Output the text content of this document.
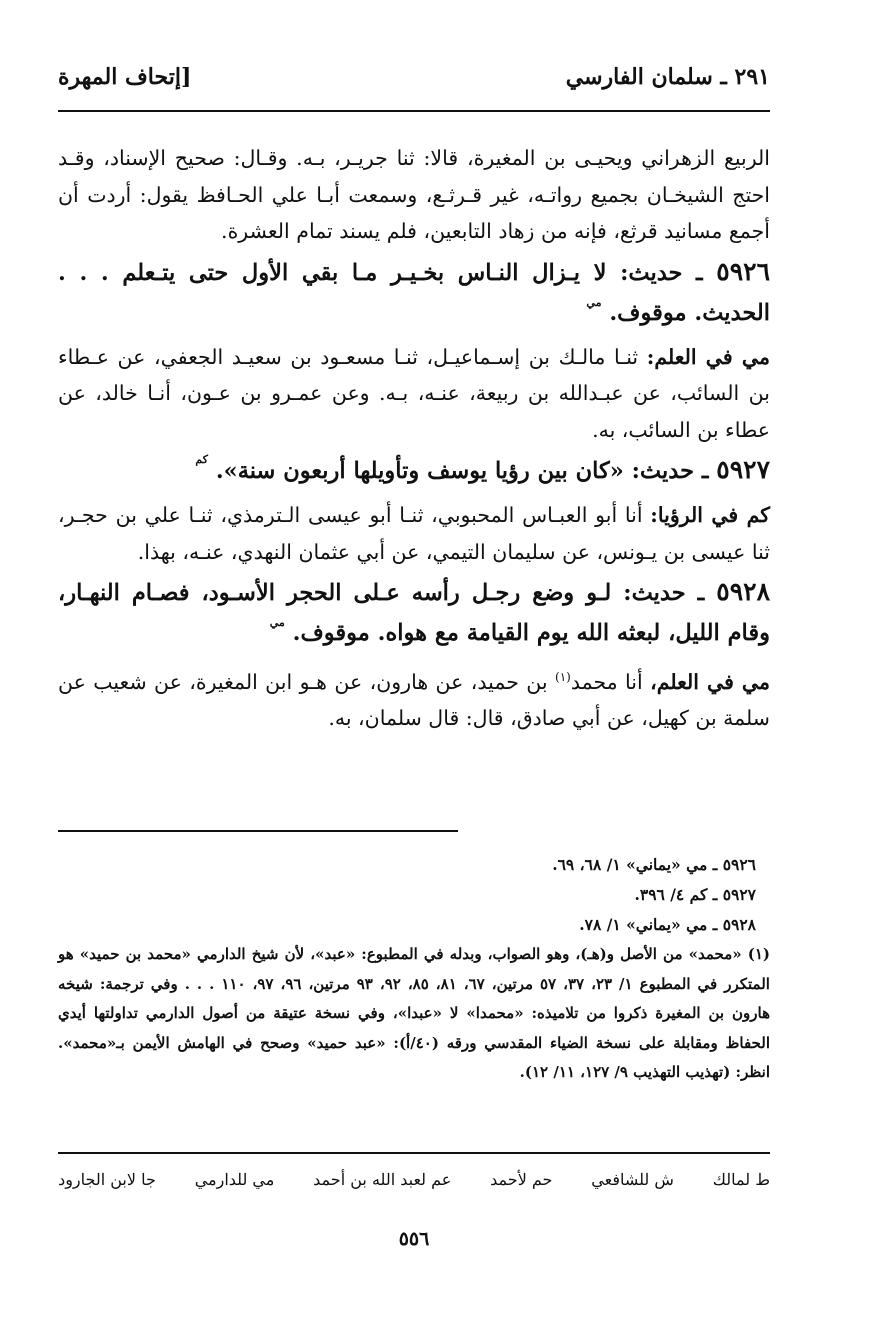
٢٩١ ـ سلمان الفارسي
[إتحاف المهرة

الربيع الزهراني ويحيـى بن المغيرة، قالا: ثنا جريـر، بـه. وقـال: صحيح الإسناد، وقـد احتج الشيخـان بجميع رواتـه، غير قـرثـع، وسمعت أبـا علي الحـافظ يقول: أردت أن أجمع مسانيد قرثع، فإنه من زهاد التابعين، فلم يسند تمام العشرة.

٥٩٢٦ ـ حديث: لا يـزال النـاس بخـيـر مـا بقي الأول حتى يتـعلم . . . الحديث. موقوف. $^{مي}$

مي في العلم: ثنـا مالـك بن إسـماعيـل، ثنـا مسعـود بن سعيـد الجعفي، عن عـطاء بن السائب، عن عبـدالله بن ربيعة، عنـه، بـه. وعن عمـرو بن عـون، أنـا خالد، عن عطاء بن السائب، به.

٥٩٢٧ ـ حديث: «كان بين رؤيا يوسف وتأويلها أربعون سنة». $^{كم}$

كم في الرؤيا: أنا أبو العبـاس المحبوبي، ثنـا أبو عيسى الـترمذي، ثنـا علي بن حجـر، ثنا عيسى بن يـونس، عن سليمان التيمي، عن أبي عثمان النهدي، عنـه، بهذا.

٥٩٢٨ ـ حديث: لـو وضع رجـل رأسه عـلى الحجر الأسـود، فصـام النهـار، وقام الليل، لبعثه الله يوم القيامة مع هواه. موقوف. $^{مي}$

مي في العلم، أنا محمد$^{(١)}$ بن حميد، عن هارون، عن هـو ابن المغيرة، عن شعيب عن سلمة بن كهيل، عن أبي صادق، قال: قال سلمان، به.

٥٩٢٦ ـ مي «يماني» ١/ ٦٨، ٦٩.

٥٩٢٧ ـ كم ٤/ ٣٩٦.

٥٩٢٨ ـ مي «يماني» ١/ ٧٨.

(١) «محمد» من الأصل و(هـ)، وهو الصواب، وبدله في المطبوع: «عبد»، لأن شيخ الدارمي «محمد بن حميد» هو المتكرر في المطبوع ١/ ٢٣، ٣٧، ٥٧ مرتين، ٦٧، ٨١، ٨٥، ٩٢، ٩٣ مرتين، ٩٦، ٩٧، ١١٠ . . . وفي ترجمة: شيخه هارون بن المغيرة ذكروا من تلاميذه: «محمدا» لا «عبدا»، وفي نسخة عتيقة من أصول الدارمي تداولتها أيدي الحفاظ ومقابلة على نسخة الضياء المقدسي ورقه (٤٠/أ): «عبد حميد» وصحح في الهامش الأيمن بـ«محمد». انظر: (تهذيب التهذيب ٩/ ١٢٧، ١١/ ١٢).

ط لمالك
ش للشافعي
حم لأحمد
عم لعبد الله بن أحمد
مي للدارمي
جا لابن الجارود
٥٥٦
